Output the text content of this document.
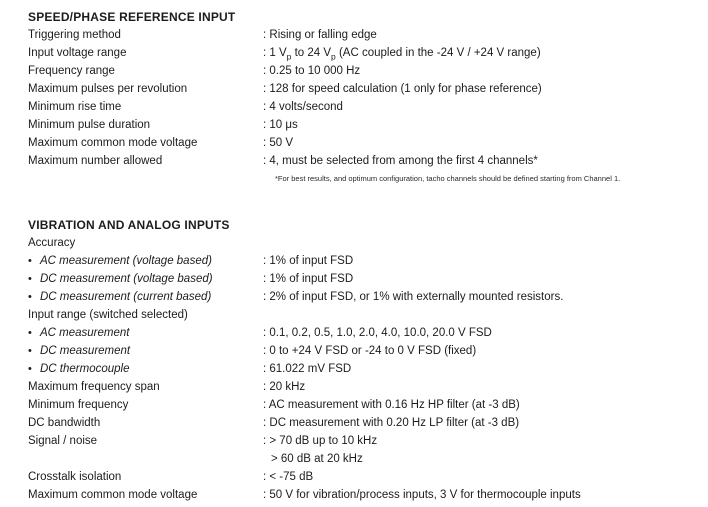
SPEED/PHASE REFERENCE INPUT
Triggering method	: Rising or falling edge
Input voltage range	: 1 $V_p$ to 24 $V_p$ (AC coupled in the -24 V / +24 V range)
Frequency range	: 0.25 to 10 000 Hz
Maximum pulses per revolution	: 128 for speed calculation (1 only for phase reference)
Minimum rise time	: 4 volts/second
Minimum pulse duration	: 10 μs
Maximum common mode voltage	: 50 V
Maximum number allowed	: 4, must be selected from among the first 4 channels*
*For best results, and optimum configuration, tacho channels should be defined starting from Channel 1.
VIBRATION AND ANALOG INPUTS
Accuracy
• AC measurement (voltage based)	: 1% of input FSD
• DC measurement (voltage based)	: 1% of input FSD
• DC measurement (current based)	: 2% of input FSD, or 1% with externally mounted resistors.
Input range (switched selected)
• AC measurement	: 0.1, 0.2, 0.5, 1.0, 2.0, 4.0, 10.0, 20.0 V FSD
• DC measurement	: 0 to +24 V FSD or -24 to 0 V FSD (fixed)
• DC thermocouple	: 61.022 mV FSD
Maximum frequency span	: 20 kHz
Minimum frequency	: AC measurement with 0.16 Hz HP filter (at -3 dB)
DC bandwidth	: DC measurement with 0.20 Hz LP filter (at -3 dB)
Signal / noise	: > 70 dB up to 10 kHz
> 60 dB at 20 kHz
Crosstalk isolation	: < -75 dB
Maximum common mode voltage	: 50 V for vibration/process inputs, 3 V for thermocouple inputs
